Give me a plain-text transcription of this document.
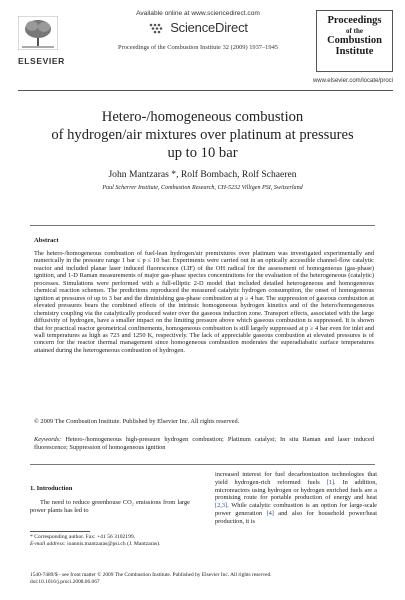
ELSEVIER
Available online at www.sciencedirect.com
ScienceDirect
Proceedings of the Combustion Institute 32 (2009) 1937–1945
Proceedings
of the
Combustion
Institute
www.elsevier.com/locate/proci
Hetero-/homogeneous combustion
of hydrogen/air mixtures over platinum at pressures
up to 10 bar
John Mantzaras *, Rolf Bombach, Rolf Schaeren
Paul Scherrer Institute, Combustion Research, CH-5232 Villigen PSI, Switzerland
Abstract
The hetero-/homogeneous combustion of fuel-lean hydrogen/air premixtures over platinum was investigated experimentally and numerically in the pressure range 1 bar ≤ p ≤ 10 bar. Experiments were carried out in an optically accessible channel-flow catalytic reactor and included planar laser induced fluorescence (LIF) of the OH radical for the assessment of homogeneous (gas-phase) ignition, and 1-D Raman measurements of major gas-phase species concentrations for the evaluation of the heterogeneous (catalytic) processes. Simulations were performed with a full-elliptic 2-D model that included detailed heterogeneous and homogeneous chemical reaction schemes. The predictions reproduced the measured catalytic hydrogen consumption, the onset of homogeneous ignition at pressures of up to 3 bar and the diminishing gas-phase combustion at p ≥ 4 bar. The suppression of gaseous combustion at elevated pressures bears the combined effects of the intrinsic homogeneous hydrogen kinetics and of the hetero/homogeneous chemistry coupling via the catalytically produced water over the gaseous induction zone. Transport effects, associated with the large diffusivity of hydrogen, have a smaller impact on the limiting pressure above which gaseous combustion is suppressed. It is shown that for practical reactor geometrical confinements, homogeneous combustion is still largely suppressed at p ≥ 4 bar even for inlet and wall temperatures as high as 723 and 1250 K, respectively. The lack of appreciable gaseous combustion at elevated pressures is of concern for the reactor thermal management since homogeneous combustion moderates the superadiabatic surface temperatures attained during the heterogeneous combustion of hydrogen.
© 2009 The Combustion Institute. Published by Elsevier Inc. All rights reserved.
Keywords: Hetero-/homogeneous high-pressure hydrogen combustion; Platinum catalyst; In situ Raman and laser induced fluorescence; Suppression of homogeneous ignition
1. Introduction
The need to reduce greenhouse CO₂ emissions from large power plants has led to
increased interest for fuel decarbonization technologies that yield hydrogen-rich reformed fuels [1]. In addition, microreactors using hydrogen or hydrogen enriched fuels are a promising route for portable production of energy and heat [2,3]. While catalytic combustion is an option for large-scale power generation [4] and also for household power/heat production, it is
* Corresponding author. Fax: +41 56 3102199.
E-mail address: ioannis.mantzaras@psi.ch (J. Mantzaras).
1540-7489/$ - see front matter © 2009 The Combustion Institute. Published by Elsevier Inc. All rights reserved.
doi:10.1016/j.proci.2008.06.067
